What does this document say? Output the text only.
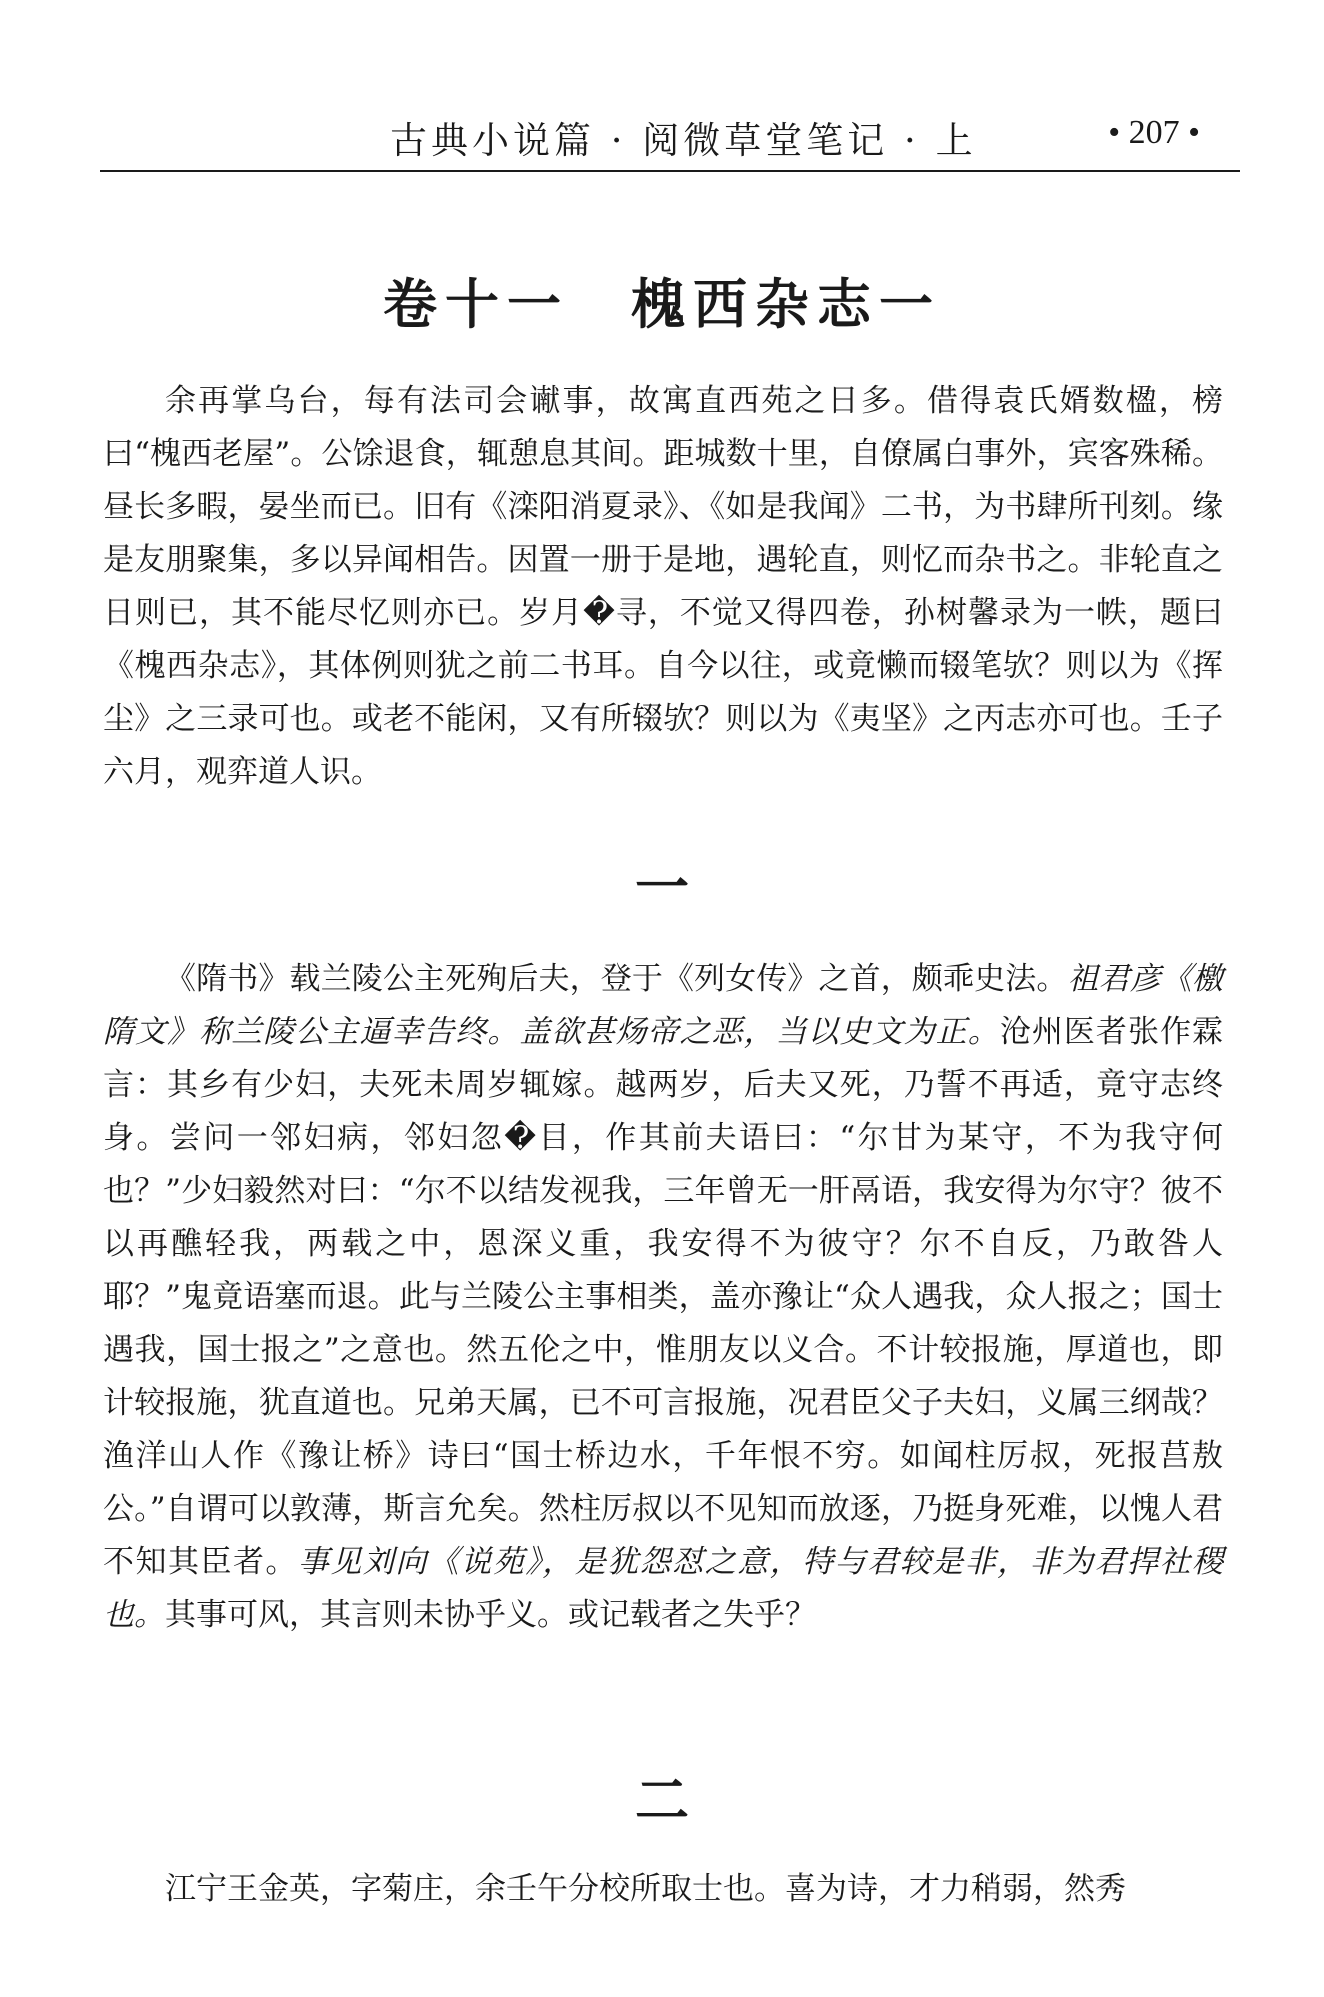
古典小说篇 · 阅微草堂笔记 · 上	• 207 •
卷十一　槐西杂志一

余再掌乌台，每有法司会谳事，故寓直西苑之日多。借得袁氏婿数楹，榜曰“槐西老屋”。公馀退食，辄憩息其间。距城数十里，自僚属白事外，宾客殊稀。昼长多暇，晏坐而已。旧有《滦阳消夏录》、《如是我闻》二书，为书肆所刊刻。缘是友朋聚集，多以异闻相告。因置一册于是地，遇轮直，则忆而杂书之。非轮直之日则已，其不能尽忆则亦已。岁月�寻，不觉又得四卷，孙树馨录为一帙，题曰《槐西杂志》，其体例则犹之前二书耳。自今以往，或竟懒而辍笔欤？则以为《挥尘》之三录可也。或老不能闲，又有所辍欤？则以为《夷坚》之丙志亦可也。壬子六月，观弈道人识。

一

《隋书》载兰陵公主死殉后夫，登于《列女传》之首，颇乖史法。祖君彦《檄隋文》称兰陵公主逼幸告终。盖欲甚炀帝之恶，当以史文为正。沧州医者张作霖言：其乡有少妇，夫死未周岁辄嫁。越两岁，后夫又死，乃誓不再适，竟守志终身。尝问一邻妇病，邻妇忽�目，作其前夫语曰：“尔甘为某守，不为我守何也？”少妇毅然对曰：“尔不以结发视我，三年曾无一肝鬲语，我安得为尔守？彼不以再醮轻我，两载之中，恩深义重，我安得不为彼守？尔不自反，乃敢咎人耶？”鬼竟语塞而退。此与兰陵公主事相类，盖亦豫让“众人遇我，众人报之；国士遇我，国士报之”之意也。然五伦之中，惟朋友以义合。不计较报施，厚道也，即计较报施，犹直道也。兄弟天属，已不可言报施，况君臣父子夫妇，义属三纲哉？渔洋山人作《豫让桥》诗曰“国士桥边水，千年恨不穷。如闻柱厉叔，死报莒敖公。”自谓可以敦薄，斯言允矣。然柱厉叔以不见知而放逐，乃挺身死难，以愧人君不知其臣者。事见刘向《说苑》，是犹怨怼之意，特与君较是非，非为君捍社稷也。其事可风，其言则未协乎义。或记载者之失乎？

二

江宁王金英，字菊庄，余壬午分校所取士也。喜为诗，才力稍弱，然秀
